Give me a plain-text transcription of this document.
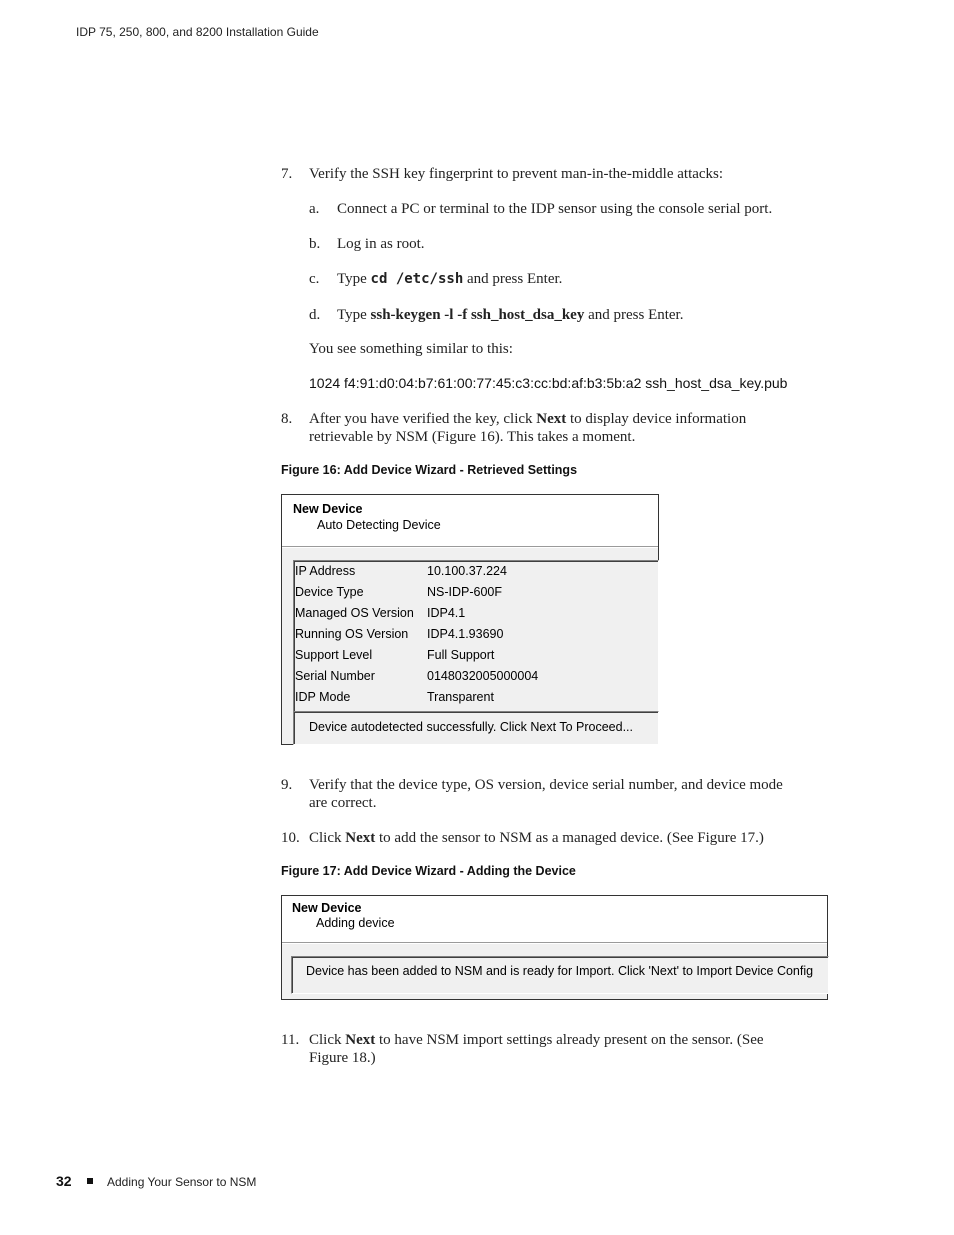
IDP 75, 250, 800, and 8200 Installation Guide
7. Verify the SSH key fingerprint to prevent man-in-the-middle attacks:
a. Connect a PC or terminal to the IDP sensor using the console serial port.
b. Log in as root.
c. Type cd /etc/ssh and press Enter.
d. Type ssh-keygen -l -f ssh_host_dsa_key and press Enter.
You see something similar to this:
1024 f4:91:d0:04:b7:61:00:77:45:c3:cc:bd:af:b3:5b:a2 ssh_host_dsa_key.pub
8. After you have verified the key, click Next to display device information
retrievable by NSM (Figure 16). This takes a moment.
Figure 16: Add Device Wizard - Retrieved Settings
New Device
Auto Detecting Device
IP Address	10.100.37.224
Device Type	NS-IDP-600F
Managed OS Version IDP4.1
Running OS Version IDP4.1.93690
Support Level	Full Support
Serial Number	0148032005000004
IDP Mode	Transparent
Device autodetected successfully. Click Next To Proceed...
9. Verify that the device type, OS version, device serial number, and device mode
are correct.
10. Click Next to add the sensor to NSM as a managed device. (See Figure 17.)
Figure 17: Add Device Wizard - Adding the Device
New Device
Adding device
Device has been added to NSM and is ready for Import. Click 'Next' to Import Device Config
11. Click Next to have NSM import settings already present on the sensor. (See
Figure 18.)
32	Adding Your Sensor to NSM
